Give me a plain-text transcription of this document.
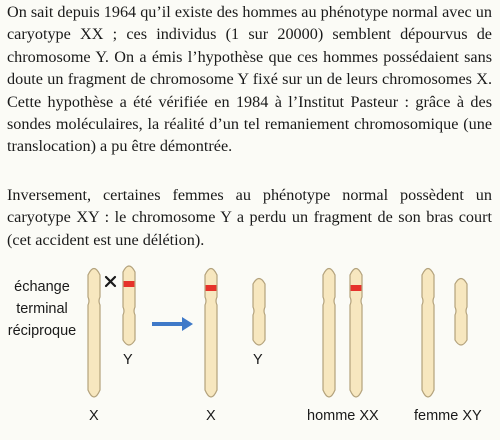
On sait depuis 1964 qu’il existe des hommes au phénotype normal avec un caryotype XX ; ces individus (1 sur 20000) semblent dépourvus de chromosome Y. On a émis l’hypothèse que ces hommes possédaient sans doute un fragment de chromosome Y fixé sur un de leurs chromosomes X. Cette hypothèse a été vérifiée en 1984 à l’Institut Pasteur : grâce à des sondes moléculaires, la réalité d’un tel remaniement chromosomique (une translocation) a pu être démontrée.

Inversement, certaines femmes au phénotype normal possèdent un caryotype XY : le chromosome Y a perdu un fragment de son bras court (cet accident est une délétion).

échange
terminal
réciproque
Y	Y
X	X	homme XX femme XY
